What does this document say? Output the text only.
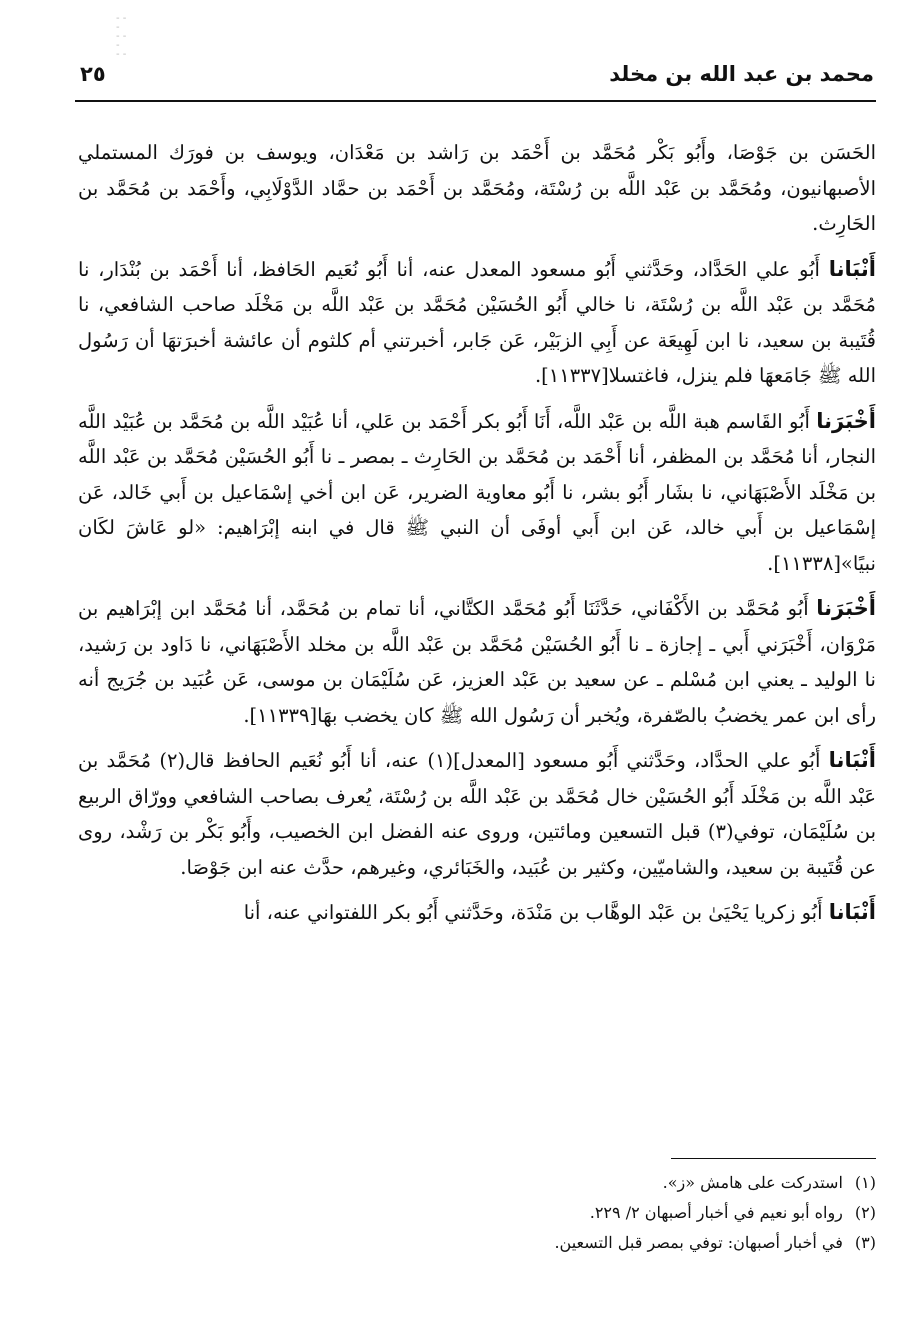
- - -
- - -
- -
محمد بن عبد الله بن مخلد
٢٥

الحَسَن بن جَوْصَا، وأَبُو بَكْر مُحَمَّد بن أَحْمَد بن رَاشد بن مَعْدَان، ويوسف بن فورَك المستملي الأصبهانيون، ومُحَمَّد بن عَبْد اللَّه بن رُسْتَة، ومُحَمَّد بن أَحْمَد بن حمَّاد الدَّوْلَابِي، وأَحْمَد بن مُحَمَّد بن الحَارِث.

أَنْبَانا أَبُو علي الحَدَّاد، وحَدَّثني أَبُو مسعود المعدل عنه، أنا أَبُو نُعَيم الحَافظ، أنا أَحْمَد بن بُنْدَار، نا مُحَمَّد بن عَبْد اللَّه بن رُسْتَة، نا خالي أَبُو الحُسَيْن مُحَمَّد بن عَبْد اللَّه بن مَخْلَد صاحب الشافعي، نا قُتَيبة بن سعيد، نا ابن لَهِيعَة عن أَبِي الزبَيْر، عَن جَابر، أخبرتني أم كلثوم أن عائشة أخبرَتهَا أن رَسُول الله ﷺ جَامَعهَا فلم ينزل، فاغتسلا[١١٣٣٧].

أَخْبَرَنا أَبُو القَاسم هبة اللَّه بن عَبْد اللَّه، أَنَا أَبُو بكر أَحْمَد بن عَلي، أنا عُبَيْد اللَّه بن مُحَمَّد بن عُبَيْد اللَّه النجار، أنا مُحَمَّد بن المظفر، أنا أَحْمَد بن مُحَمَّد بن الحَارِث ـ بمصر ـ نا أَبُو الحُسَيْن مُحَمَّد بن عَبْد اللَّه بن مَخْلَد الأَصْبَهَاني، نا بشَار أَبُو بشر، نا أَبُو معاوية الضرير، عَن ابن أخي إسْمَاعيل بن أَبي خَالد، عَن إسْمَاعيل بن أَبي خالد، عَن ابن أَبي أوفَى أن النبي ﷺ قال في ابنه إبْرَاهيم: «لو عَاشَ لكَان نبيًا»[١١٣٣٨].

أَخْبَرَنا أَبُو مُحَمَّد بن الأَكْفَاني، حَدَّثَنَا أَبُو مُحَمَّد الكتَّاني، أنا تمام بن مُحَمَّد، أنا مُحَمَّد ابن إبْرَاهيم بن مَرْوَان، أَخْبَرَني أَبي ـ إجازة ـ نا أَبُو الحُسَيْن مُحَمَّد بن عَبْد اللَّه بن مخلد الأَصْبَهَاني، نا دَاود بن رَشيد، نا الوليد ـ يعني ابن مُسْلم ـ عن سعيد بن عَبْد العزيز، عَن سُلَيْمَان بن موسى، عَن عُبَيد بن جُرَيج أنه رأى ابن عمر يخضبُ بالصّفرة، ويُخبر أن رَسُول الله ﷺ كان يخضب بهَا[١١٣٣٩].

أَنْبَانا أَبُو علي الحدَّاد، وحَدَّثني أَبُو مسعود [المعدل](١) عنه، أنا أَبُو نُعَيم الحافظ قال(٢) مُحَمَّد بن عَبْد اللَّه بن مَخْلَد أَبُو الحُسَيْن خال مُحَمَّد بن عَبْد اللَّه بن رُسْتَة، يُعرف بصاحب الشافعي وورّاق الربيع بن سُلَيْمَان، توفي(٣) قبل التسعين ومائتين، وروى عنه الفضل ابن الخصيب، وأَبُو بَكْر بن رَشْد، روى عن قُتَيبة بن سعيد، والشاميّين، وكثير بن عُبَيد، والخَبَائري، وغيرهم، حدَّث عنه ابن جَوْصَا.

أَنْبَانا أَبُو زكريا يَحْيَىٰ بن عَبْد الوهَّاب بن مَنْدَة، وحَدَّثني أَبُو بكر اللفتواني عنه، أنا

(١)استدركت على هامش «ز».
(٢)رواه أبو نعيم في أخبار أصبهان ٢/ ٢٢٩.
(٣)في أخبار أصبهان: توفي بمصر قبل التسعين.
